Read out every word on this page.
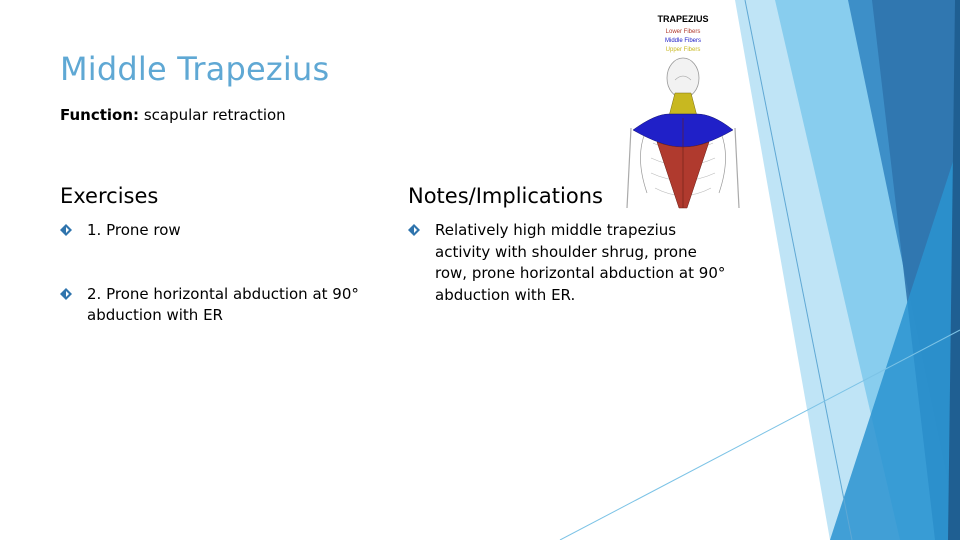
Middle Trapezius
Function: scapular retraction
Exercises
1. Prone row
2. Prone horizontal abduction at 90° abduction with ER
Notes/Implications
Relatively high middle trapezius activity with shoulder shrug, prone row, prone horizontal abduction at 90° abduction with ER.
TRAPEZIUS
Lower Fibers
Middle Fibers
Upper Fibers
